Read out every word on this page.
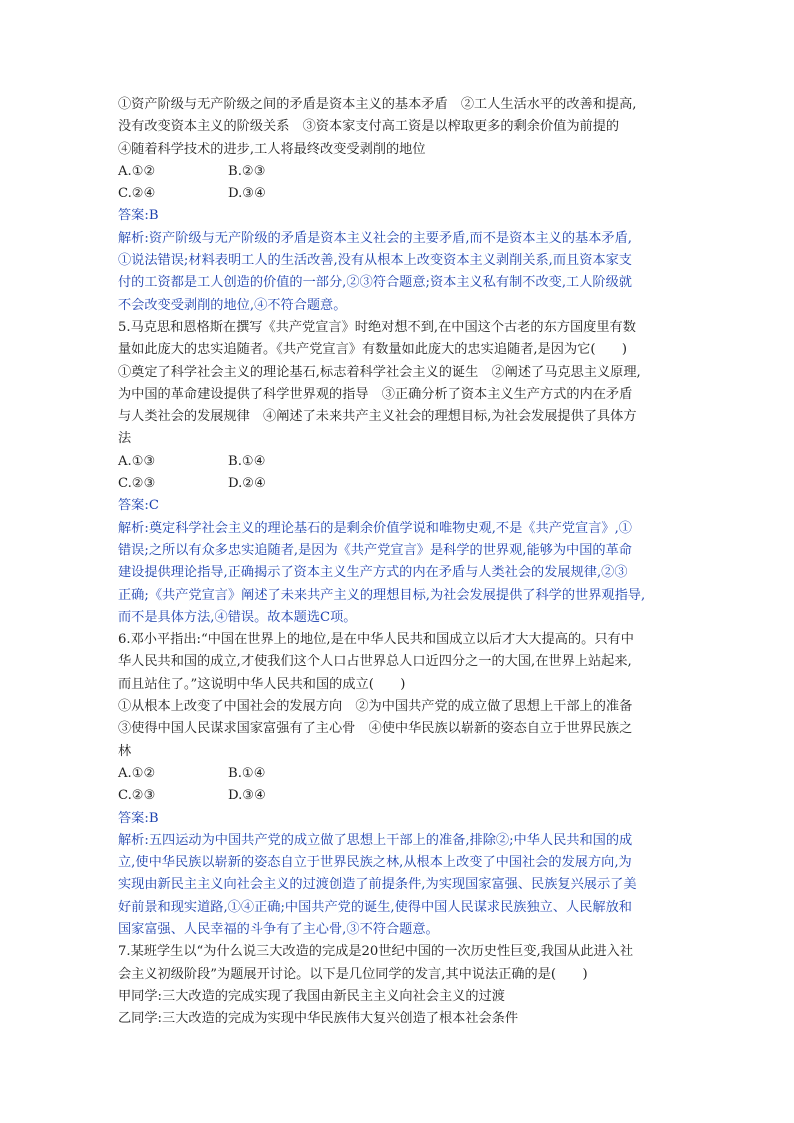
①资产阶级与无产阶级之间的矛盾是资本主义的基本矛盾　②工人生活水平的改善和提高,
没有改变资本主义的阶级关系　③资本家支付高工资是以榨取更多的剩余价值为前提的
④随着科学技术的进步,工人将最终改变受剥削的地位
A.①②	B.②③
C.②④	D.③④
答案:B
解析:资产阶级与无产阶级的矛盾是资本主义社会的主要矛盾,而不是资本主义的基本矛盾,
①说法错误;材料表明工人的生活改善,没有从根本上改变资本主义剥削关系,而且资本家支
付的工资都是工人创造的价值的一部分,②③符合题意;资本主义私有制不改变,工人阶级就
不会改变受剥削的地位,④不符合题意。
5.马克思和恩格斯在撰写《共产党宣言》时绝对想不到,在中国这个古老的东方国度里有数
量如此庞大的忠实追随者。《共产党宣言》有数量如此庞大的忠实追随者,是因为它(　　)
①奠定了科学社会主义的理论基石,标志着科学社会主义的诞生　②阐述了马克思主义原理,
为中国的革命建设提供了科学世界观的指导　③正确分析了资本主义生产方式的内在矛盾
与人类社会的发展规律　④阐述了未来共产主义社会的理想目标,为社会发展提供了具体方
法
A.①③	B.①④
C.②③	D.②④
答案:C
解析:奠定科学社会主义的理论基石的是剩余价值学说和唯物史观,不是《共产党宣言》,①
错误;之所以有众多忠实追随者,是因为《共产党宣言》是科学的世界观,能够为中国的革命
建设提供理论指导,正确揭示了资本主义生产方式的内在矛盾与人类社会的发展规律,②③
正确;《共产党宣言》阐述了未来共产主义的理想目标,为社会发展提供了科学的世界观指导,
而不是具体方法,④错误。故本题选C项。
6.邓小平指出:“中国在世界上的地位,是在中华人民共和国成立以后才大大提高的。只有中
华人民共和国的成立,才使我们这个人口占世界总人口近四分之一的大国,在世界上站起来,
而且站住了。”这说明中华人民共和国的成立(　　)
①从根本上改变了中国社会的发展方向　②为中国共产党的成立做了思想上干部上的准备
③使得中国人民谋求国家富强有了主心骨　④使中华民族以崭新的姿态自立于世界民族之
林
A.①②	B.①④
C.②③	D.③④
答案:B
解析:五四运动为中国共产党的成立做了思想上干部上的准备,排除②;中华人民共和国的成
立,使中华民族以崭新的姿态自立于世界民族之林,从根本上改变了中国社会的发展方向,为
实现由新民主主义向社会主义的过渡创造了前提条件,为实现国家富强、民族复兴展示了美
好前景和现实道路,①④正确;中国共产党的诞生,使得中国人民谋求民族独立、人民解放和
国家富强、人民幸福的斗争有了主心骨,③不符合题意。
7.某班学生以“为什么说三大改造的完成是20世纪中国的一次历史性巨变,我国从此进入社
会主义初级阶段”为题展开讨论。以下是几位同学的发言,其中说法正确的是(　　)
甲同学:三大改造的完成实现了我国由新民主主义向社会主义的过渡
乙同学:三大改造的完成为实现中华民族伟大复兴创造了根本社会条件
